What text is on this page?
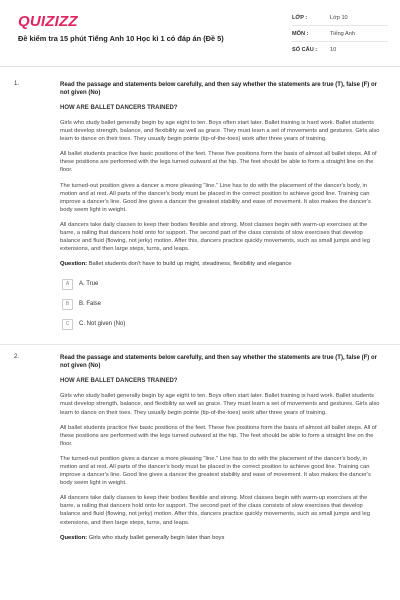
QUIZIZZ
Đề kiểm tra 15 phút Tiếng Anh 10 Học kì 1 có đáp án (Đề 5)
LỚP :	Lớp 10
MÔN :	Tiếng Anh
SỐ CÂU :	10
1.	Read the passage and statements below carefully, and then say whether the statements are true (T), false (F) or not given (No)
HOW ARE BALLET DANCERS TRAINED?

Girls who study ballet generally begin by age eight to ten. Boys often start later. Ballet training is hard work. Ballet students must develop strength, balance, and flexibility as well as grace. They must learn a set of movements and gestures. Girls also learn to dance on their toes. They usually begin pointe (tip-of-the-toes) work after three years of training.

All ballet students practice five basic positions of the feet. These five positions form the basis of almost all ballet steps. All of these positions are performed with the legs turned outward at the hip. The feet should be able to form a straight line on the floor.

The turned-out position gives a dancer a more pleasing "line." Line has to do with the placement of the dancer's body, in motion and at rest. All parts of the dancer's body must be placed in the correct position to achieve good line. Training can improve a dancer's line. Good line gives a dancer the greatest stability and ease of movement. It also makes the dancer's body seem light in weight.

All dancers take daily classes to keep their bodies flexible and strong. Most classes begin with warm-up exercises at the barre, a railing that dancers hold onto for support. The second part of the class consists of slow exercises that develop balance and fluid (flowing, not jerky) motion. After this, dancers practice quickly movements, such as small jumps and leg extensions, and then large steps, turns, and leaps.

Question: Ballet students don't have to build up might, steadiness, flexibility and elegance

A	A. True
B	B. False
C	C. Not given (No)
2.	Read the passage and statements below carefully, and then say whether the statements are true (T), false (F) or not given (No)
HOW ARE BALLET DANCERS TRAINED?

Girls who study ballet generally begin by age eight to ten. Boys often start later. Ballet training is hard work. Ballet students must develop strength, balance, and flexibility as well as grace. They must learn a set of movements and gestures. Girls also learn to dance on their toes. They usually begin pointe (tip-of-the-toes) work after three years of training.

All ballet students practice five basic positions of the feet. These five positions form the basis of almost all ballet steps. All of these positions are performed with the legs turned outward at the hip. The feet should be able to form a straight line on the floor.

The turned-out position gives a dancer a more pleasing "line." Line has to do with the placement of the dancer's body, in motion and at rest. All parts of the dancer's body must be placed in the correct position to achieve good line. Training can improve a dancer's line. Good line gives a dancer the greatest stability and ease of movement. It also makes the dancer's body seem light in weight.

All dancers take daily classes to keep their bodies flexible and strong. Most classes begin with warm-up exercises at the barre, a railing that dancers hold onto for support. The second part of the class consists of slow exercises that develop balance and fluid (flowing, not jerky) motion. After this, dancers practice quickly movements, such as small jumps and leg extensions, and then large steps, turns, and leaps.

Question: Girls who study ballet generally begin later than boys
